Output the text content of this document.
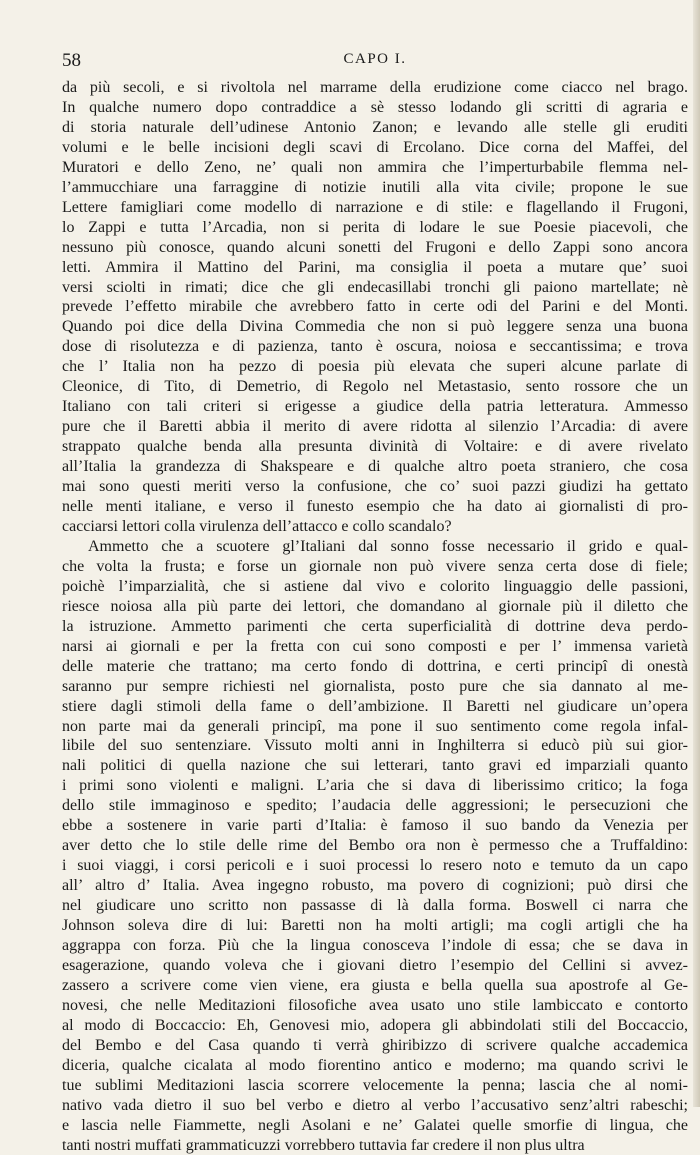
58	CAPO I.
da più secoli, e si rivoltola nel marrame della erudizione come ciacco nel brago.
In qualche numero dopo contraddice a sè stesso lodando gli scritti di agraria e
di storia naturale dell’udinese Antonio Zanon; e levando alle stelle gli eruditi
volumi e le belle incisioni degli scavi di Ercolano. Dice corna del Maffei, del
Muratori e dello Zeno, ne’ quali non ammira che l’imperturbabile flemma nel-
l’ammucchiare una farraggine di notizie inutili alla vita civile; propone le sue
Lettere famigliari come modello di narrazione e di stile: e flagellando il Frugoni,
lo Zappi e tutta l’Arcadia, non si perita di lodare le sue Poesie piacevoli, che
nessuno più conosce, quando alcuni sonetti del Frugoni e dello Zappi sono ancora
letti. Ammira il Mattino del Parini, ma consiglia il poeta a mutare que’ suoi
versi sciolti in rimati; dice che gli endecasillabi tronchi gli paiono martellate; nè
prevede l’effetto mirabile che avrebbero fatto in certe odi del Parini e del Monti.
Quando poi dice della Divina Commedia che non si può leggere senza una buona
dose di risolutezza e di pazienza, tanto è oscura, noiosa e seccantissima; e trova
che l’ Italia non ha pezzo di poesia più elevata che superi alcune parlate di
Cleonice, di Tito, di Demetrio, di Regolo nel Metastasio, sento rossore che un
Italiano con tali criteri si erigesse a giudice della patria letteratura. Ammesso
pure che il Baretti abbia il merito di avere ridotta al silenzio l’Arcadia: di avere
strappato qualche benda alla presunta divinità di Voltaire: e di avere rivelato
all’Italia la grandezza di Shakspeare e di qualche altro poeta straniero, che cosa
mai sono questi meriti verso la confusione, che co’ suoi pazzi giudizi ha gettato
nelle menti italiane, e verso il funesto esempio che ha dato ai giornalisti di pro-
cacciarsi lettori colla virulenza dell’attacco e collo scandalo?
Ammetto che a scuotere gl’Italiani dal sonno fosse necessario il grido e qual-
che volta la frusta; e forse un giornale non può vivere senza certa dose di fiele;
poichè l’imparzialità, che si astiene dal vivo e colorito linguaggio delle passioni,
riesce noiosa alla più parte dei lettori, che domandano al giornale più il diletto che
la istruzione. Ammetto parimenti che certa superficialità di dottrine deva perdo-
narsi ai giornali e per la fretta con cui sono composti e per l’ immensa varietà
delle materie che trattano; ma certo fondo di dottrina, e certi principî di onestà
saranno pur sempre richiesti nel giornalista, posto pure che sia dannato al me-
stiere dagli stimoli della fame o dell’ambizione. Il Baretti nel giudicare un’opera
non parte mai da generali principî, ma pone il suo sentimento come regola infal-
libile del suo sentenziare. Vissuto molti anni in Inghilterra si educò più sui gior-
nali politici di quella nazione che sui letterari, tanto gravi ed imparziali quanto
i primi sono violenti e maligni. L’aria che si dava di liberissimo critico; la foga
dello stile immaginoso e spedito; l’audacia delle aggressioni; le persecuzioni che
ebbe a sostenere in varie parti d’Italia: è famoso il suo bando da Venezia per
aver detto che lo stile delle rime del Bembo ora non è permesso che a Truffaldino:
i suoi viaggi, i corsi pericoli e i suoi processi lo resero noto e temuto da un capo
all’ altro d’ Italia. Avea ingegno robusto, ma povero di cognizioni; può dirsi che
nel giudicare uno scritto non passasse di là dalla forma. Boswell ci narra che
Johnson soleva dire di lui: Baretti non ha molti artigli; ma cogli artigli che ha
aggrappa con forza. Più che la lingua conosceva l’indole di essa; che se dava in
esagerazione, quando voleva che i giovani dietro l’esempio del Cellini si avvez-
zassero a scrivere come vien viene, era giusta e bella quella sua apostrofe al Ge-
novesi, che nelle Meditazioni filosofiche avea usato uno stile lambiccato e contorto
al modo di Boccaccio: Eh, Genovesi mio, adopera gli abbindolati stili del Boccaccio,
del Bembo e del Casa quando ti verrà ghiribizzo di scrivere qualche accademica
diceria, qualche cicalata al modo fiorentino antico e moderno; ma quando scrivi le
tue sublimi Meditazioni lascia scorrere velocemente la penna; lascia che al nomi-
nativo vada dietro il suo bel verbo e dietro al verbo l’accusativo senz’altri rabeschi;
e lascia nelle Fiammette, negli Asolani e ne’ Galatei quelle smorfie di lingua, che
tanti nostri muffati grammaticuzzi vorrebbero tuttavia far credere il non plus ultra
